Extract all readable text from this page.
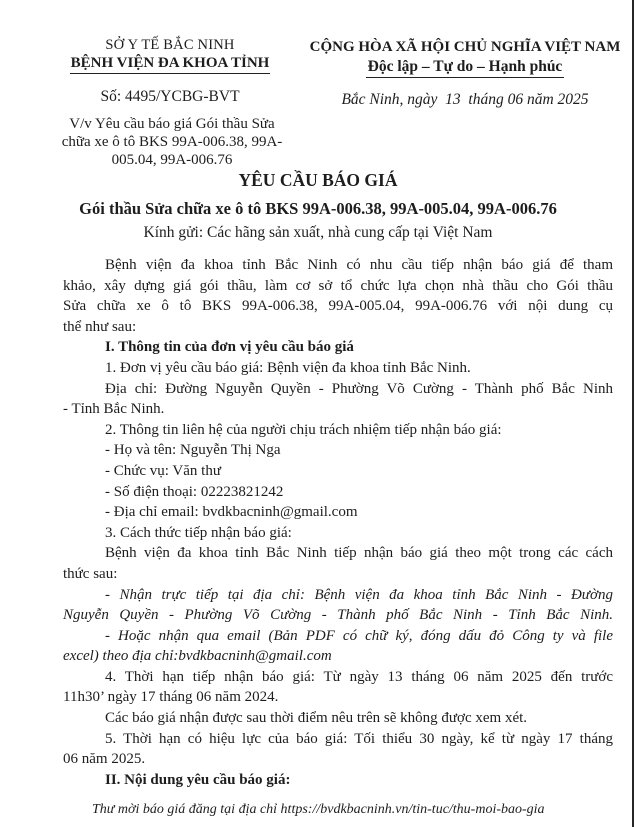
SỞ Y TẾ BẮC NINH
BỆNH VIỆN ĐA KHOA TỈNH
Số: 4495/YCBG-BVT
V/v Yêu cầu báo giá Gói thầu Sửa
chữa xe ô tô BKS 99A-006.38, 99A-
005.04, 99A-006.76
CỘNG HÒA XÃ HỘI CHỦ NGHĨA VIỆT NAM
Độc lập – Tự do – Hạnh phúc
Bắc Ninh, ngày  13  tháng 06 năm 2025
YÊU CẦU BÁO GIÁ
Gói thầu Sửa chữa xe ô tô BKS 99A-006.38, 99A-005.04, 99A-006.76
Kính gửi: Các hãng sản xuất, nhà cung cấp tại Việt Nam
Bệnh viện đa khoa tỉnh Bắc Ninh có nhu cầu tiếp nhận báo giá để tham
khảo, xây dựng giá gói thầu, làm cơ sở tổ chức lựa chọn nhà thầu cho Gói thầu
Sửa chữa xe ô tô BKS 99A-006.38, 99A-005.04, 99A-006.76 với nội dung cụ
thể như sau:
I. Thông tin của đơn vị yêu cầu báo giá
1. Đơn vị yêu cầu báo giá: Bệnh viện đa khoa tỉnh Bắc Ninh.
Địa chỉ: Đường Nguyễn Quyền - Phường Võ Cường - Thành phố Bắc Ninh
- Tỉnh Bắc Ninh.
2. Thông tin liên hệ của người chịu trách nhiệm tiếp nhận báo giá:
- Họ và tên: Nguyễn Thị Nga
- Chức vụ: Văn thư
- Số điện thoại: 02223821242
- Địa chỉ email: bvdkbacninh@gmail.com
3. Cách thức tiếp nhận báo giá:
Bệnh viện đa khoa tỉnh Bắc Ninh tiếp nhận báo giá theo một trong các cách
thức sau:
- Nhận trực tiếp tại địa chỉ: Bệnh viện đa khoa tỉnh Bắc Ninh - Đường
Nguyễn Quyền - Phường Võ Cường - Thành phố Bắc Ninh - Tỉnh Bắc Ninh.
- Hoặc nhận qua email (Bản PDF có chữ ký, đóng dấu đỏ Công ty và file
excel) theo địa chỉ:bvdkbacninh@gmail.com
4. Thời hạn tiếp nhận báo giá: Từ ngày 13 tháng 06 năm 2025 đến trước
11h30’ ngày 17 tháng 06 năm 2024.
Các báo giá nhận được sau thời điểm nêu trên sẽ không được xem xét.
5. Thời hạn có hiệu lực của báo giá: Tối thiểu 30 ngày, kể từ ngày 17 tháng
06 năm 2025.
II. Nội dung yêu cầu báo giá:
Thư mời báo giá đăng tại địa chỉ https://bvdkbacninh.vn/tin-tuc/thu-moi-bao-gia
